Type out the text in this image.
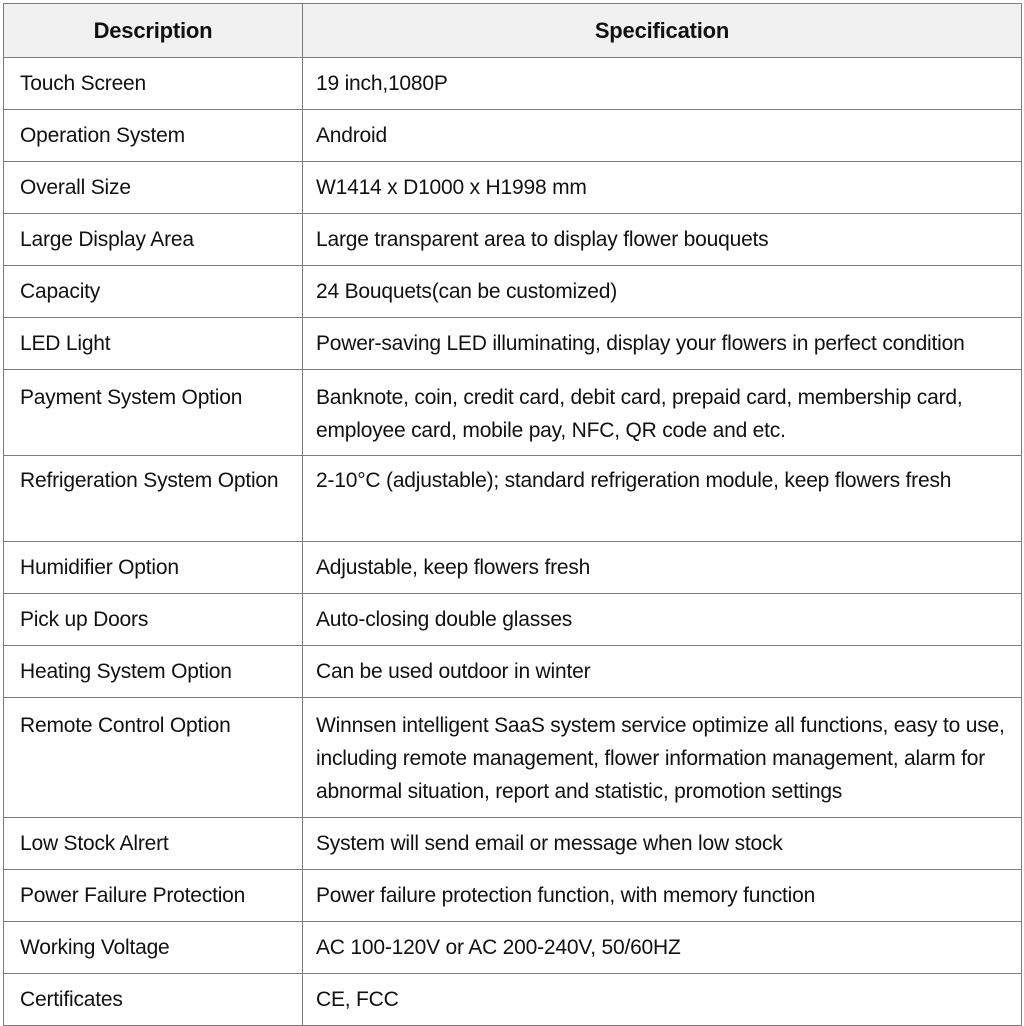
Description	Specification
Touch Screen	19 inch,1080P
Operation System	Android
Overall Size	W1414 x D1000 x H1998 mm
Large Display Area	Large transparent area to display flower bouquets
Capacity	24 Bouquets(can be customized)
LED Light	Power-saving LED illuminating, display your flowers in perfect condition
Payment System Option	Banknote, coin, credit card, debit card, prepaid card, membership card, employee card, mobile pay, NFC, QR code and etc.
Refrigeration System Option	2-10°C (adjustable); standard refrigeration module, keep flowers fresh
Humidifier Option	Adjustable, keep flowers fresh
Pick up Doors	Auto-closing double glasses
Heating System Option	Can be used outdoor in winter
Remote Control Option	Winnsen intelligent SaaS system service optimize all functions, easy to use, including remote management, flower information management, alarm for abnormal situation, report and statistic, promotion settings
Low Stock Alrert	System will send email or message when low stock
Power Failure Protection	Power failure protection function, with memory function
Working Voltage	AC 100-120V or AC 200-240V, 50/60HZ
Certificates	CE, FCC
